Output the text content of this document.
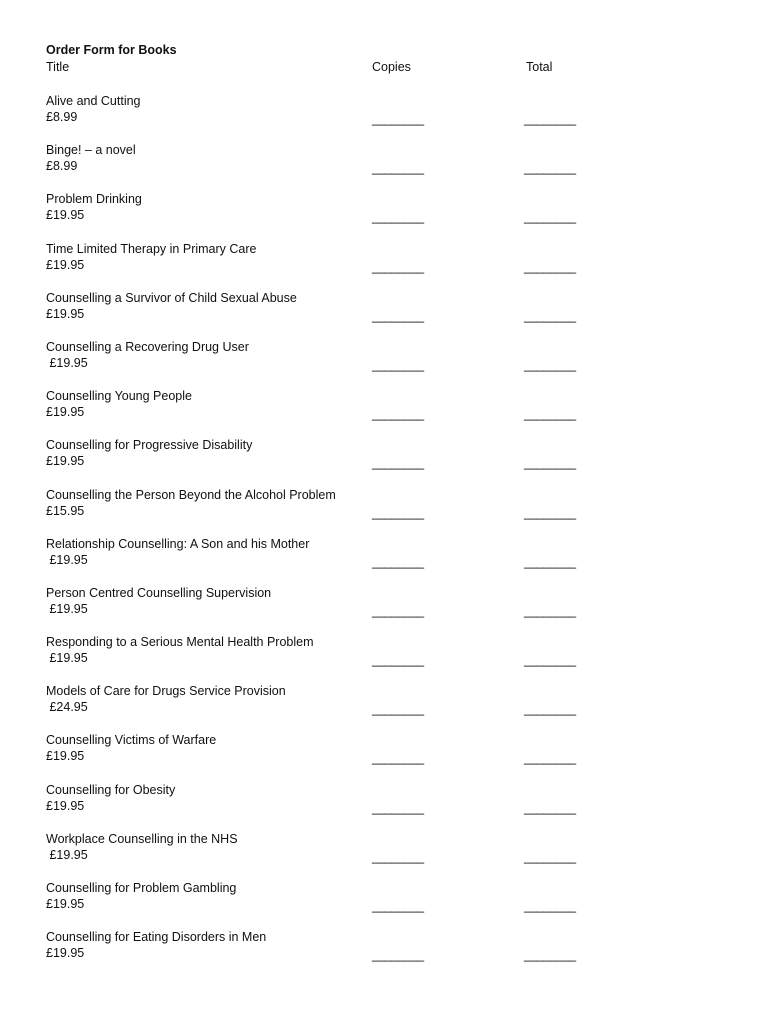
Order Form for Books
Title	Copies	Total
Alive and Cutting
£8.99	________	________
Binge! – a novel
£8.99	________	________
Problem Drinking
£19.95	________	________
Time Limited Therapy in Primary Care
£19.95	________	________
Counselling a Survivor of Child Sexual Abuse
£19.95	________	________
Counselling a Recovering Drug User
£19.95	________	________
Counselling Young People
£19.95	________	________
Counselling for Progressive Disability
£19.95	________	________
Counselling the Person Beyond the Alcohol Problem
£15.95	________	________
Relationship Counselling: A Son and his Mother
£19.95	________	________
Person Centred Counselling Supervision
£19.95	________	________
Responding to a Serious Mental Health Problem
£19.95	________	________
Models of Care for Drugs Service Provision
£24.95	________	________
Counselling Victims of Warfare
£19.95	________	________
Counselling for Obesity
£19.95	________	________
Workplace Counselling in the NHS
£19.95	________	________
Counselling for Problem Gambling
£19.95	________	________
Counselling for Eating Disorders in Men
£19.95	________	________
